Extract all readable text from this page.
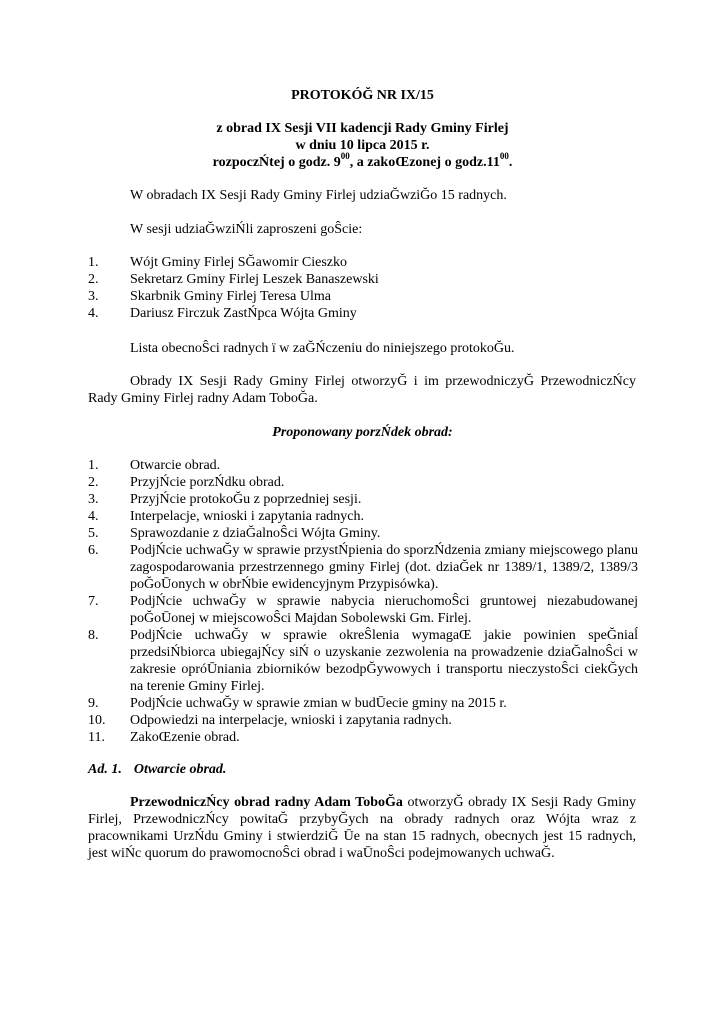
PROTOKÓĞ NR IX/15
z obrad IX Sesji VII kadencji Rady Gminy Firlej
w dniu 10 lipca 2015 r.
rozpoczŃtej o godz. $9^{00}$, a zakoŒzonej o $godz.11^{00}$.
W obradach IX Sesji Rady Gminy Firlej udziaĞwziĞo 15 radnych.
W sesji udziaĞwziŃli zaproszeni goŜcie:
1. Wójt Gminy Firlej SĞawomir Cieszko
2. Sekretarz Gminy Firlej Leszek Banaszewski
3. Skarbnik Gminy Firlej Teresa Ulma
4. Dariusz Firczuk ZastŃpca Wójta Gminy
Lista obecnoŜci radnych ï w zaĞŃczeniu do niniejszego protokoĞu.
Obrady IX Sesji Rady Gminy Firlej otworzyĞ i im przewodniczyĞ PrzewodniczŃcy Rady Gminy Firlej radny Adam ToboĞa.
Proponowany porzŃdek obrad:
1. Otwarcie obrad.
2. PrzyjŃcie porzŃdku obrad.
3. PrzyjŃcie protokoĞu z poprzedniej sesji.
4. Interpelacje, wnioski i zapytania radnych.
5. Sprawozdanie z dziaĞalnoŜci Wójta Gminy.
6. PodjŃcie uchwaĞy w sprawie przystŃpienia do sporzŃdzenia zmiany miejscowego planu zagospodarowania przestrzennego gminy Firlej (dot. dziaĞek nr 1389/1, 1389/2, 1389/3 poĞoŪonych w obrŃbie ewidencyjnym Przypisówka).
7. PodjŃcie uchwaĞy w sprawie nabycia nieruchomoŜci gruntowej niezabudowanej poĞoŪonej w miejscowoŜci Majdan Sobolewski Gm. Firlej.
8. PodjŃcie uchwaĞy w sprawie okreŜlenia wymagaŒ jakie powinien speĞniaĺ przedsiŃbiorca ubiegajŃcy siŃ o uzyskanie zezwolenia na prowadzenie dziaĞalnoŜci w zakresie opróŪniania zbiorników bezodpĞywowych i transportu nieczystoŜci ciekĞych na terenie Gminy Firlej.
9. PodjŃcie uchwaĞy w sprawie zmian w budŪecie gminy na 2015 r.
10. Odpowiedzi na interpelacje, wnioski i zapytania radnych.
11. ZakoŒzenie obrad.
Ad. 1. Otwarcie obrad.
PrzewodniczŃcy obrad radny Adam ToboĞa otworzyĞ obrady IX Sesji Rady Gminy Firlej, PrzewodniczŃcy powitaĞ przybyĞych na obrady radnych oraz Wójta wraz z pracownikami UrzŃdu Gminy i stwierdziĞ Ūe na stan 15 radnych, obecnych jest 15 radnych, jest wiŃc quorum do prawomocnoŜci obrad i waŪnoŜci podejmowanych uchwaĞ.
